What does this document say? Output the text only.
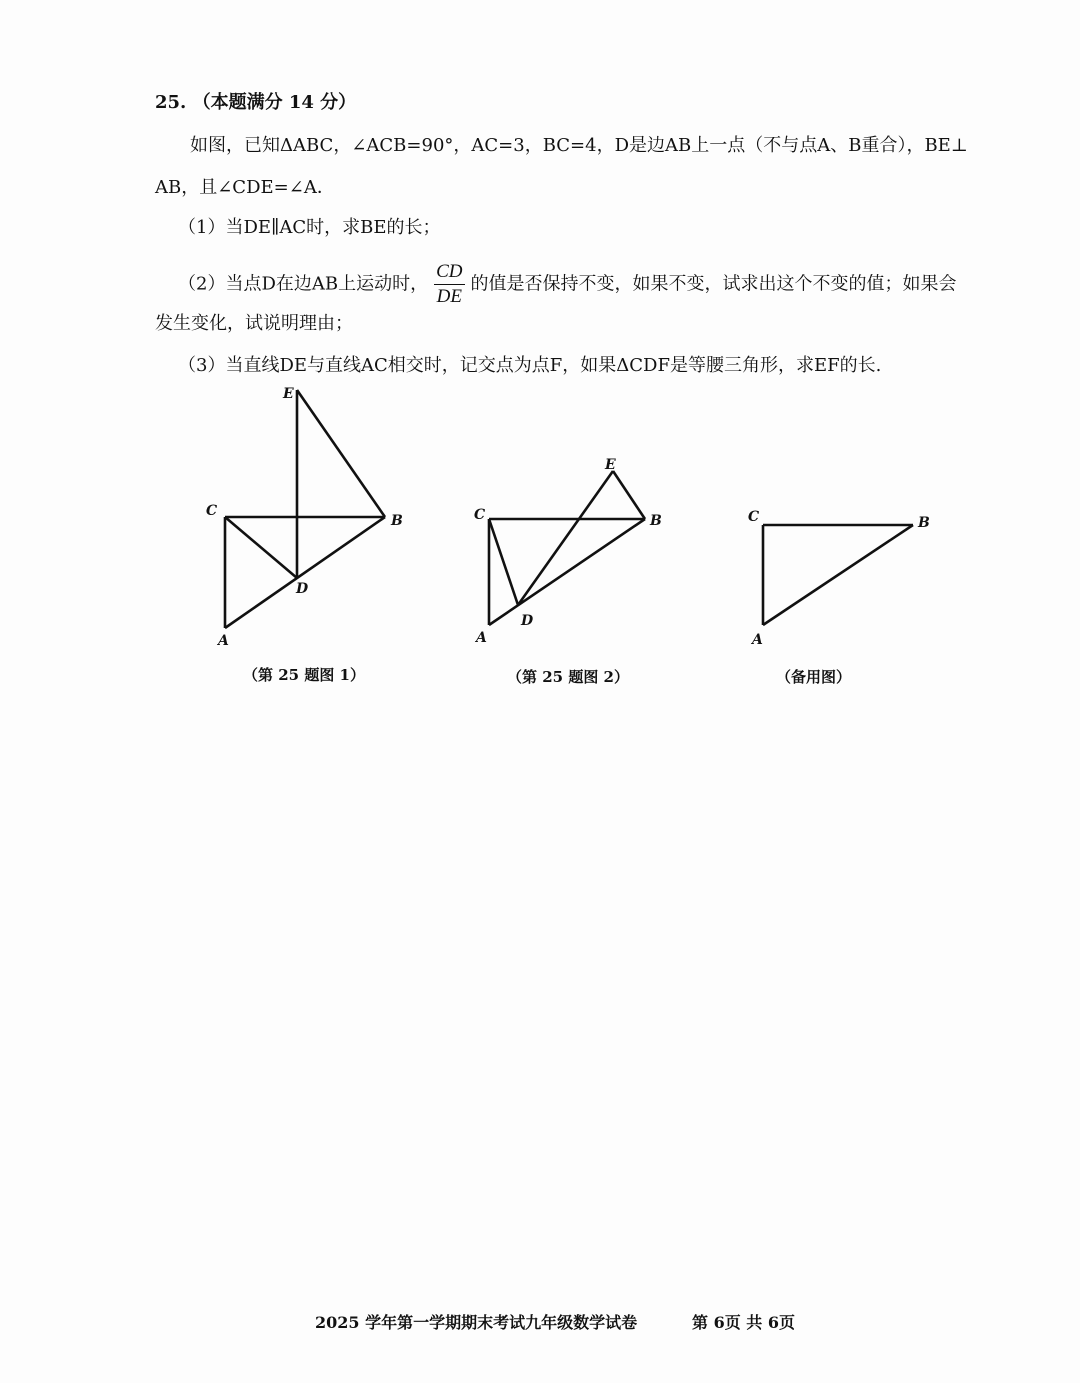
25. （本题满分 14 分）
如图，已知ΔABC，∠ACB=90°，AC=3，BC=4，D是边AB上一点（不与点A、B重合），BE⊥
AB，且∠CDE=∠A．
（1）当DE∥AC时，求BE的长；
（2）当点D在边AB上运动时， $\frac{CD}{DE}$ 的值是否保持不变，如果不变，试求出这个不变的值；如果会
发生变化，试说明理由；
（3）当直线DE与直线AC相交时，记交点为点F，如果ΔCDF是等腰三角形，求EF的长.
E
C
B
D
A
E
C	B
D
A
C	B
A
（第 25 题图 1）	（第 25 题图 2）	（备用图）
2025 学年第一学期期末考试九年级数学试卷	第 6页 共 6页
